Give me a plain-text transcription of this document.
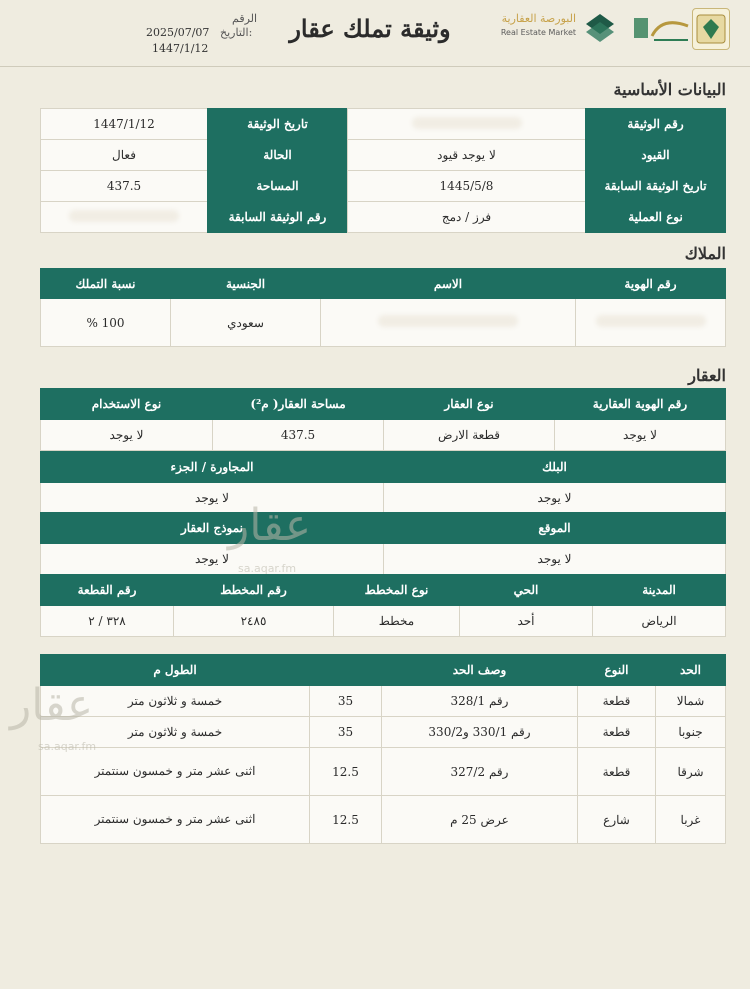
البورصة العقارية
Real Estate Market
وثيقة تملك عقار
الرقم
التاريخ:
2025/07/07
1447/1/12
البيانات الأساسية
رقم الوثيقة		تاريخ الوثيقة	1447/1/12
القيود	لا يوجد قيود	الحالة	فعال
تاريخ الوثيقة السابقة	1445/5/8	المساحة	437.5
نوع العملية	فرز / دمج	رقم الوثيقة السابقة	
الملاك
رقم الهوية	الاسم	الجنسية	نسبة التملك
		سعودي	100 %
العقار
رقم الهوية العقارية	نوع العقار	مساحة العقار( م²)	نوع الاستخدام
لا يوجد	قطعة الارض	437.5	لا يوجد
البلك	المجاورة / الجزء
لا يوجد	لا يوجد
الموقع	نموذج العقار
لا يوجد	لا يوجد
المدينة	الحي	نوع المخطط	رقم المخطط	رقم القطعة
الرياض	أحد	مخطط	٢٤٨٥	٣٢٨ / ٢
الحد	النوع	وصف الحد		الطول م
شمالا	قطعة	رقم 328/1	35	خمسة و ثلاثون متر
جنوبا	قطعة	رقم 330/1 و330/2	35	خمسة و ثلاثون متر
شرقا	قطعة	رقم 327/2	12.5	اثنى عشر متر و خمسون سنتمتر
غربا	شارع	عرض 25 م	12.5	اثنى عشر متر و خمسون سنتمتر
عقار
sa.aqar.fm
عقار
sa.aqar.fm
